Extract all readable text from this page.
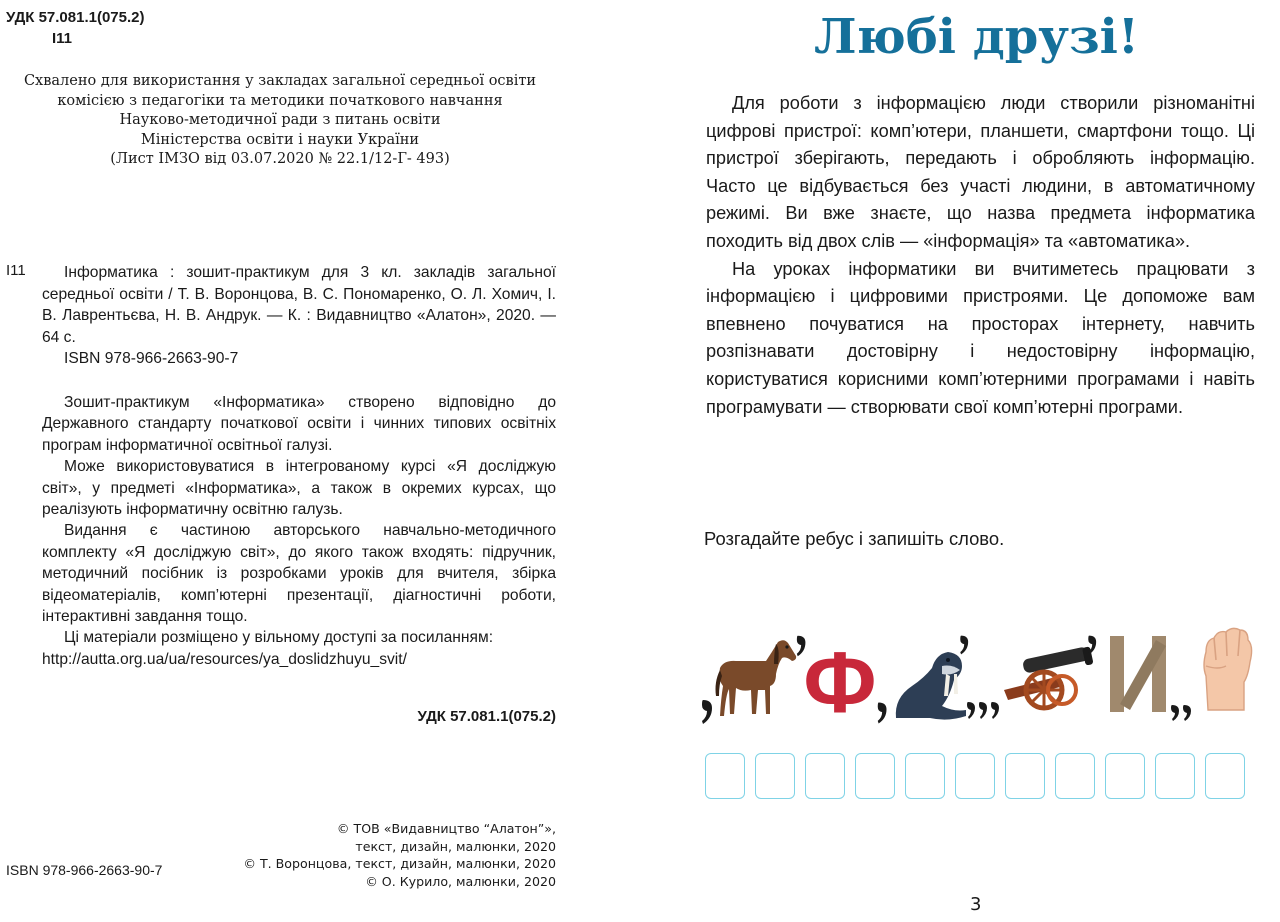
УДК 57.081.1(075.2)
І11
Схвалено для використання у закладах загальної середньої освіти
комісією з педагогіки та методики початкового навчання
Науково-методичної ради з питань освіти
Міністерства освіти і науки України
(Лист ІМЗО від 03.07.2020 № 22.1/12-Г- 493)
І11	Інформатика : зошит-практикум для 3 кл. закладів загальної середньої освіти / Т. В. Воронцова, В. С. Пономаренко, О. Л. Хомич, І. В. Лаврентьєва, Н. В. Андрук. — К. : Видавництво «Алатон», 2020. — 64 с.
ISBN 978-966-2663-90-7

Зошит-практикум «Інформатика» створено відповідно до Державного стандарту початкової освіти і чинних типових освітніх програм інформатичної освітньої галузі.

Може використовуватися в інтегрованому курсі «Я досліджую світ», у предметі «Інформатика», а також в окремих курсах, що реалізують інформатичну освітню галузь.

Видання є частиною авторського навчально-методичного комплекту «Я досліджую світ», до якого також входять: підручник, методичний посібник із розробками уроків для вчителя, збірка відеоматеріалів, комп’ютерні презентації, діагностичні роботи, інтерактивні завдання тощо.

Ці матеріали розміщено у вільному доступі за посиланням:

http://autta.org.ua/ua/resources/ya_doslidzhuyu_svit/

УДК 57.081.1(075.2)
© ТОВ «Видавництво “Алатон”»,
текст, дизайн, малюнки, 2020
© Т. Воронцова, текст, дизайн, малюнки, 2020
© О. Курило, малюнки, 2020
ISBN 978-966-2663-90-7
Любі друзі!

Для роботи з інформацією люди створили різноманітні цифрові пристрої: комп’ютери, планшети, смартфони тощо. Ці пристрої зберігають, передають і обробляють інформацію. Часто це відбувається без участі людини, в автоматичному режимі. Ви вже знаєте, що назва предмета інформатика походить від двох слів — «інформація» та «автоматика».

На уроках інформатики ви вчитиметесь працювати з інформацією і цифровими пристроями. Це допоможе вам впевнено почуватися на просторах інтернету, навчить розпізнавати достовірну і недостовірну інформацію, користуватися корисними комп’ютерними програмами і навіть програмувати — створювати свої комп’ютерні програми.

Розгадайте ребус і запишіть слово.
Ф	И
3
